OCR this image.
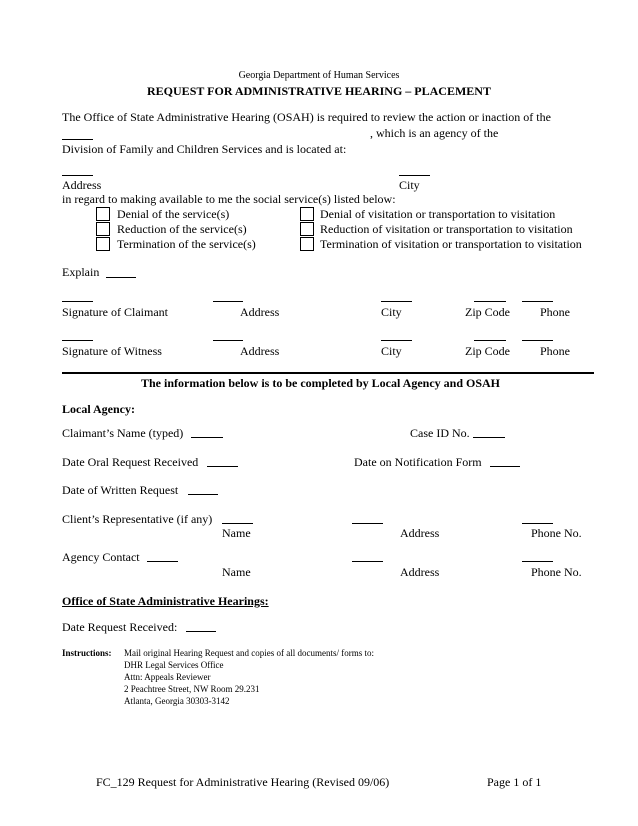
Georgia Department of Human Services
REQUEST FOR ADMINISTRATIVE HEARING – PLACEMENT
The Office of State Administrative Hearing (OSAH) is required to review the action or inaction of the
, which is an agency of the
Division of Family and Children Services and is located at:
Address	City
in regard to making available to me the social service(s) listed below:
Denial of the service(s)
Reduction of the service(s)
Termination of the service(s)
Denial of visitation or transportation to visitation
Reduction of visitation or transportation to visitation
Termination of visitation or transportation to visitation
Explain
Signature of Claimant	Address	City	Zip Code	Phone
Signature of Witness	Address	City	Zip Code	Phone
The information below is to be completed by Local Agency and OSAH
Local Agency:
Claimant’s Name (typed)	Case ID No.
Date Oral Request Received	Date on Notification Form
Date of Written Request
Client’s Representative (if any)
Name	Address	Phone No.
Agency Contact
Name	Address	Phone No.
Office of State Administrative Hearings:
Date Request Received:
Instructions: Mail original Hearing Request and copies of all documents/ forms to:
DHR Legal Services Office
Attn: Appeals Reviewer
2 Peachtree Street, NW Room 29.231
Atlanta, Georgia 30303-3142
FC_129 Request for Administrative Hearing (Revised 09/06)	Page 1 of 1
